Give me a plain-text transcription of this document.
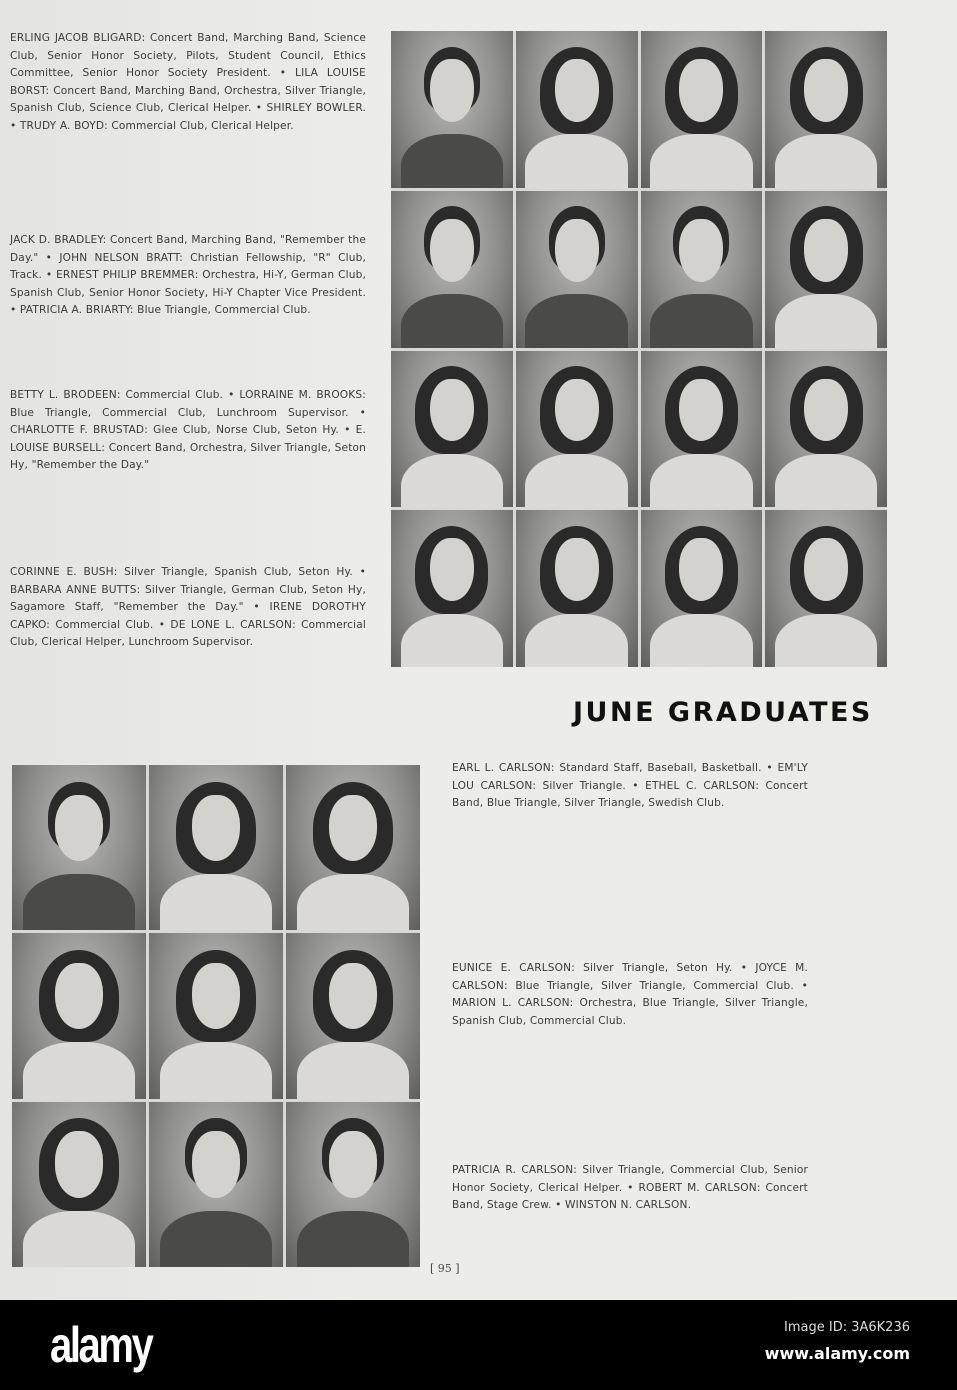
ERLING JACOB BLIGARD: Concert Band, Marching Band, Science Club, Senior Honor Society, Pilots, Student Council, Ethics Committee, Senior Honor Society President. • LILA LOUISE BORST: Concert Band, Marching Band, Orchestra, Silver Triangle, Spanish Club, Science Club, Clerical Helper. • SHIRLEY BOWLER. • TRUDY A. BOYD: Commercial Club, Clerical Helper.

JACK D. BRADLEY: Concert Band, Marching Band, "Remember the Day." • JOHN NELSON BRATT: Christian Fellowship, "R" Club, Track. • ERNEST PHILIP BREMMER: Orchestra, Hi-Y, German Club, Spanish Club, Senior Honor Society, Hi-Y Chapter Vice President. • PATRICIA A. BRIARTY: Blue Triangle, Commercial Club.

BETTY L. BRODEEN: Commercial Club. • LORRAINE M. BROOKS: Blue Triangle, Commercial Club, Lunchroom Supervisor. • CHARLOTTE F. BRUSTAD: Glee Club, Norse Club, Seton Hy. • E. LOUISE BURSELL: Concert Band, Orchestra, Silver Triangle, Seton Hy, "Remember the Day."

CORINNE E. BUSH: Silver Triangle, Spanish Club, Seton Hy. • BARBARA ANNE BUTTS: Silver Triangle, German Club, Seton Hy, Sagamore Staff, "Remember the Day." • IRENE DOROTHY CAPKO: Commercial Club. • DE LONE L. CARLSON: Commercial Club, Clerical Helper, Lunchroom Supervisor.

JUNE GRADUATES

EARL L. CARLSON: Standard Staff, Baseball, Basketball. • EM'LY LOU CARLSON: Silver Triangle. • ETHEL C. CARLSON: Concert Band, Blue Triangle, Silver Triangle, Swedish Club.

EUNICE E. CARLSON: Silver Triangle, Seton Hy. • JOYCE M. CARLSON: Blue Triangle, Silver Triangle, Commercial Club. • MARION L. CARLSON: Orchestra, Blue Triangle, Silver Triangle, Spanish Club, Commercial Club.

PATRICIA R. CARLSON: Silver Triangle, Commercial Club, Senior Honor Society, Clerical Helper. • ROBERT M. CARLSON: Concert Band, Stage Crew. • WINSTON N. CARLSON.

[ 95 ]
alamy	Image ID: 3A6K236
www.alamy.com
